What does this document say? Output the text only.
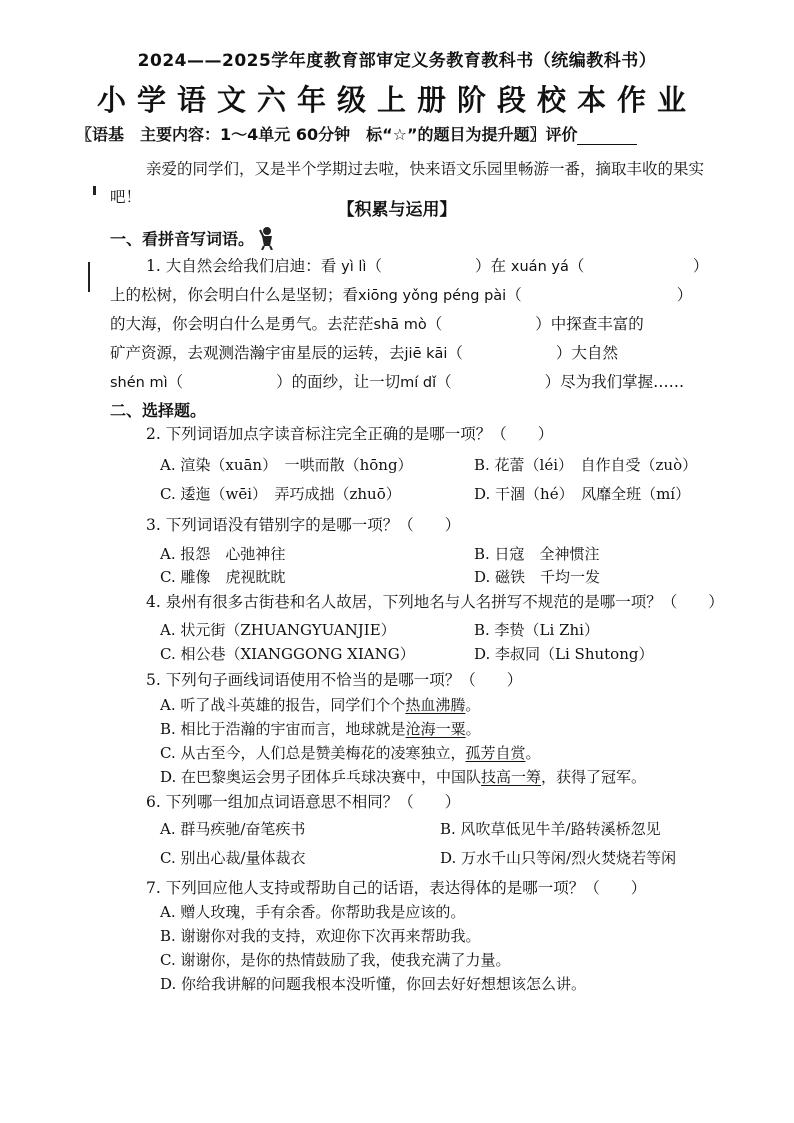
2024——2025学年度教育部审定义务教育教科书（统编教科书）
小学语文六年级上册阶段校本作业
〖语基　主要内容：1～4单元 60分钟　标“☆”的题目为提升题〗评价
亲爱的同学们，又是半个学期过去啦，快来语文乐园里畅游一番，摘取丰收的果实吧！
【积累与运用】
一、看拼音写词语。
1. 大自然会给我们启迪：看 yì lì（　　　　　　）在 xuán yá（　　　　　　　）
上的松树，你会明白什么是坚韧；看xiōng yǒng péng pài（　　　　　　　　　　）
的大海，你会明白什么是勇气。去茫茫shā mò（　　　　　　）中探查丰富的
矿产资源，去观测浩瀚宇宙星辰的运转，去jiē kāi（　　　　　　）大自然
shén mì（　　　　　　）的面纱，让一切mí dǐ（　　　　　　）尽为我们掌握……
二、选择题。
2. 下列词语加点字读音标注完全正确的是哪一项？（　　）
A. 渲染（xuān）　一哄而散（hōng）	B. 花蕾（léi）　自作自受（zuò）
C. 逶迤（wēi）　弄巧成拙（zhuō）	D. 干涸（hé）　风靡全班（mí）
3. 下列词语没有错别字的是哪一项？（　　）
A. 报怨　心弛神往	B. 日寇　全神惯注
C. 雕像　虎视眈眈	D. 磁铁　千均一发
4. 泉州有很多古街巷和名人故居，下列地名与人名拼写不规范的是哪一项？（　　）
A. 状元街（ZHUANGYUANJIE）	B. 李贽（Li Zhi）
C. 相公巷（XIANGGONG XIANG）	D. 李叔同（Li Shutong）
5. 下列句子画线词语使用不恰当的是哪一项？（　　）
A. 听了战斗英雄的报告，同学们个个热血沸腾。
B. 相比于浩瀚的宇宙而言，地球就是沧海一粟。
C. 从古至今，人们总是赞美梅花的凌寒独立，孤芳自赏。
D. 在巴黎奥运会男子团体乒乓球决赛中，中国队技高一筹，获得了冠军。
6. 下列哪一组加点词语意思不相同？（　　）
A. 群马疾驰/奋笔疾书	B. 风吹草低见牛羊/路转溪桥忽见
C. 别出心裁/量体裁衣	D. 万水千山只等闲/烈火焚烧若等闲
7. 下列回应他人支持或帮助自己的话语，表达得体的是哪一项？（　　）
A. 赠人玫瑰，手有余香。你帮助我是应该的。
B. 谢谢你对我的支持，欢迎你下次再来帮助我。
C. 谢谢你，是你的热情鼓励了我，使我充满了力量。
D. 你给我讲解的问题我根本没听懂，你回去好好想想该怎么讲。
